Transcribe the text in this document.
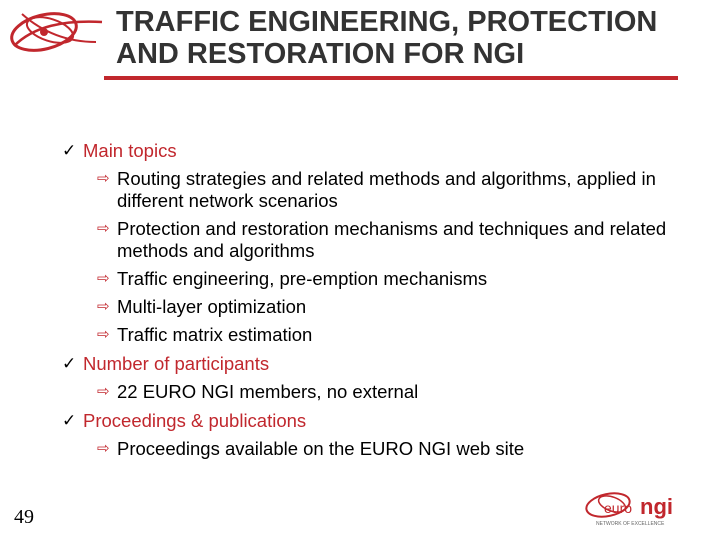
TRAFFIC ENGINEERING, PROTECTION
AND RESTORATION FOR NGI
✓ Main topics
⇨ Routing strategies and related methods and algorithms, applied in different network scenarios
⇨ Protection and restoration mechanisms and techniques and related methods and algorithms
⇨ Traffic engineering, pre-emption mechanisms
⇨ Multi-layer optimization
⇨ Traffic matrix estimation
✓ Number of participants
⇨ 22 EURO NGI members, no external
✓ Proceedings & publications
⇨ Proceedings available on the EURO NGI web site
49	euro ngi
NETWORK OF EXCELLENCE
